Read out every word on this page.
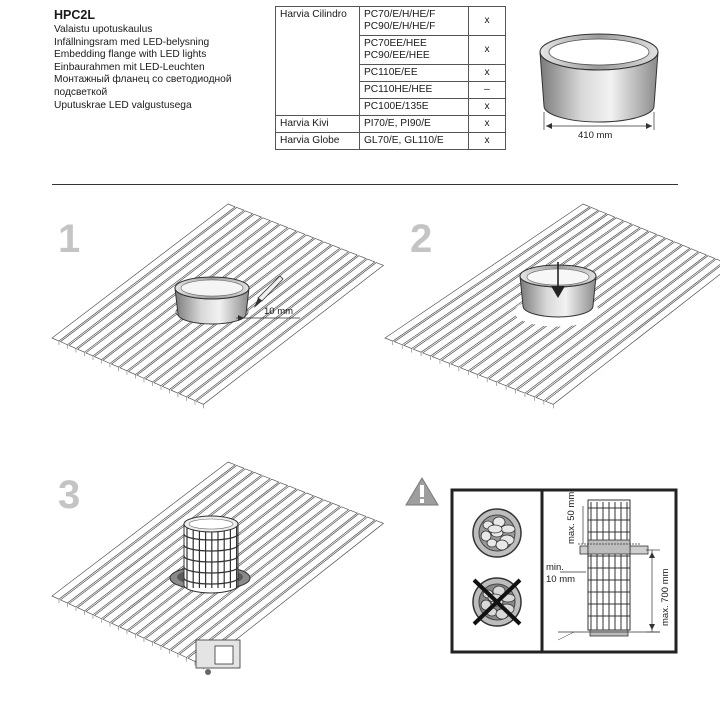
HPC2L
Valaistu upotuskaulus
Infällningsram med LED-belysning
Embedding flange with LED lights
Einbaurahmen mit LED-Leuchten
Монтажный фланец со светодиодной
подсветкой
Uputuskrae LED valgustusega
Harvia Cilindro	PC70/E/H/HE/F
PC90/E/H/HE/F	x

	PC70EE/HEE
PC90/EE/HEE	x
	PC110E/EE	x
	PC110HE/HEE	–
	PC100E/135E	x
Harvia Kivi	PI70/E, PI90/E	x
Harvia Globe	GL70/E, GL110/E	x
1	2
3
410 mm
10 mm
max. 50 mm
min.
10 mm	max. 700 mm
